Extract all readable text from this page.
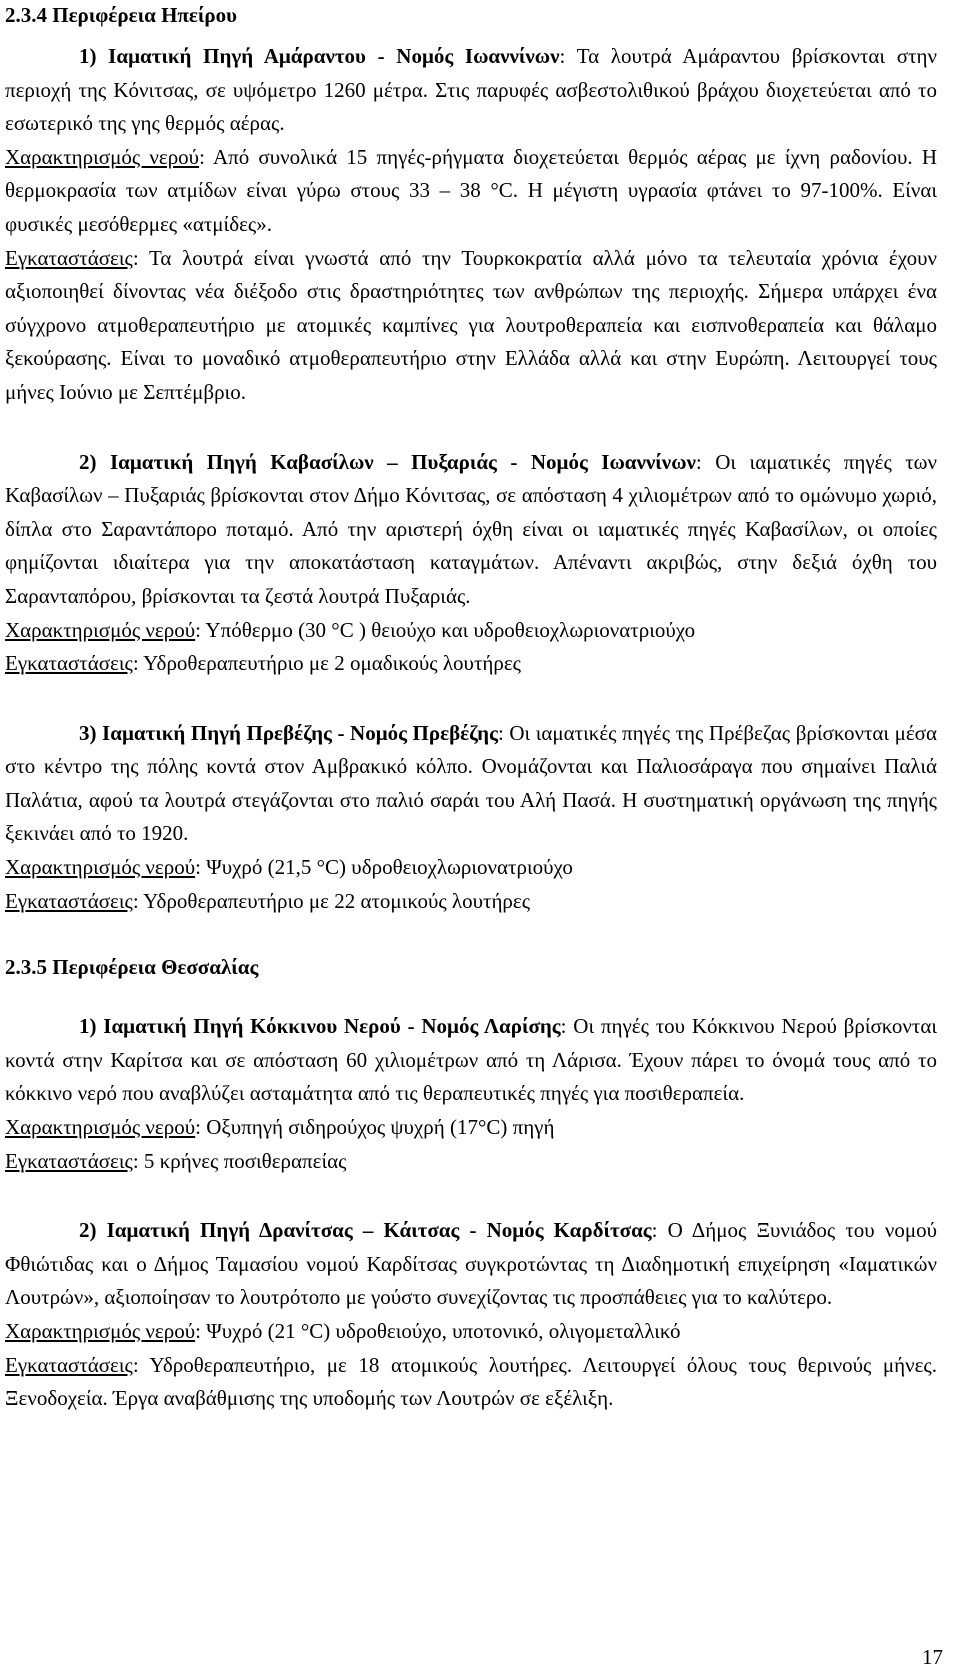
2.3.4 Περιφέρεια Ηπείρου

1) Ιαματική Πηγή Αμάραντου - Νομός Ιωαννίνων: Τα λουτρά Αμάραντου βρίσκονται στην περιοχή της Κόνιτσας, σε υψόμετρο 1260 μέτρα. Στις παρυφές ασβεστολιθικού βράχου διοχετεύεται από το εσωτερικό της γης θερμός αέρας.

Χαρακτηρισμός νερού: Από συνολικά 15 πηγές-ρήγματα διοχετεύεται θερμός αέρας με ίχνη ραδονίου. Η θερμοκρασία των ατμίδων είναι γύρω στους 33 – 38 °C. Η μέγιστη υγρασία φτάνει το 97-100%. Είναι φυσικές μεσόθερμες «ατμίδες».

Εγκαταστάσεις: Τα λουτρά είναι γνωστά από την Τουρκοκρατία αλλά μόνο τα τελευταία χρόνια έχουν αξιοποιηθεί δίνοντας νέα διέξοδο στις δραστηριότητες των ανθρώπων της περιοχής. Σήμερα υπάρχει ένα σύγχρονο ατμοθεραπευτήριο με ατομικές καμπίνες για λουτροθεραπεία και εισπνοθεραπεία και θάλαμο ξεκούρασης. Είναι το μοναδικό ατμοθεραπευτήριο στην Ελλάδα αλλά και στην Ευρώπη. Λειτουργεί τους μήνες Ιούνιο με Σεπτέμβριο.

2) Ιαματική Πηγή Καβασίλων – Πυξαριάς - Νομός Ιωαννίνων: Οι ιαματικές πηγές των Καβασίλων – Πυξαριάς βρίσκονται στον Δήμο Κόνιτσας, σε απόσταση 4 χιλιομέτρων από το ομώνυμο χωριό, δίπλα στο Σαραντάπορο ποταμό. Από την αριστερή όχθη είναι οι ιαματικές πηγές Καβασίλων, οι οποίες φημίζονται ιδιαίτερα για την αποκατάσταση καταγμάτων. Απέναντι ακριβώς, στην δεξιά όχθη του Σαρανταπόρου, βρίσκονται τα ζεστά λουτρά Πυξαριάς.

Χαρακτηρισμός νερού: Υπόθερμο (30 °C ) θειούχο και υδροθειοχλωριονατριούχο

Εγκαταστάσεις: Υδροθεραπευτήριο με 2 ομαδικούς λουτήρες

3) Ιαματική Πηγή Πρεβέζης - Νομός Πρεβέζης: Οι ιαματικές πηγές της Πρέβεζας βρίσκονται μέσα στο κέντρο της πόλης κοντά στον Αμβρακικό κόλπο. Ονομάζονται και Παλιοσάραγα που σημαίνει Παλιά Παλάτια, αφού τα λουτρά στεγάζονται στο παλιό σαράι του Αλή Πασά. Η συστηματική οργάνωση της πηγής ξεκινάει από το 1920.

Χαρακτηρισμός νερού: Ψυχρό (21,5 °C) υδροθειοχλωριονατριούχο

Εγκαταστάσεις: Υδροθεραπευτήριο με 22 ατομικούς λουτήρες

2.3.5 Περιφέρεια Θεσσαλίας

1) Ιαματική Πηγή Κόκκινου Νερού - Νομός Λαρίσης: Οι πηγές του Κόκκινου Νερού βρίσκονται κοντά στην Καρίτσα και σε απόσταση 60 χιλιομέτρων από τη Λάρισα. Έχουν πάρει το όνομά τους από το κόκκινο νερό που αναβλύζει ασταμάτητα από τις θεραπευτικές πηγές για ποσιθεραπεία.

Χαρακτηρισμός νερού: Οξυπηγή σιδηρούχος ψυχρή (17°C) πηγή

Εγκαταστάσεις: 5 κρήνες ποσιθεραπείας

2) Ιαματική Πηγή Δρανίτσας – Κάιτσας - Νομός Καρδίτσας: Ο Δήμος Ξυνιάδος του νομού Φθιώτιδας και ο Δήμος Ταμασίου νομού Καρδίτσας συγκροτώντας τη Διαδημοτική επιχείρηση «Ιαματικών Λουτρών», αξιοποίησαν το λουτρότοπο με γούστο συνεχίζοντας τις προσπάθειες για το καλύτερο.

Χαρακτηρισμός νερού: Ψυχρό (21 °C) υδροθειούχο, υποτονικό, ολιγομεταλλικό

Εγκαταστάσεις: Υδροθεραπευτήριο, με 18 ατομικούς λουτήρες. Λειτουργεί όλους τους θερινούς μήνες. Ξενοδοχεία. Έργα αναβάθμισης της υποδομής των Λουτρών σε εξέλιξη.

17
